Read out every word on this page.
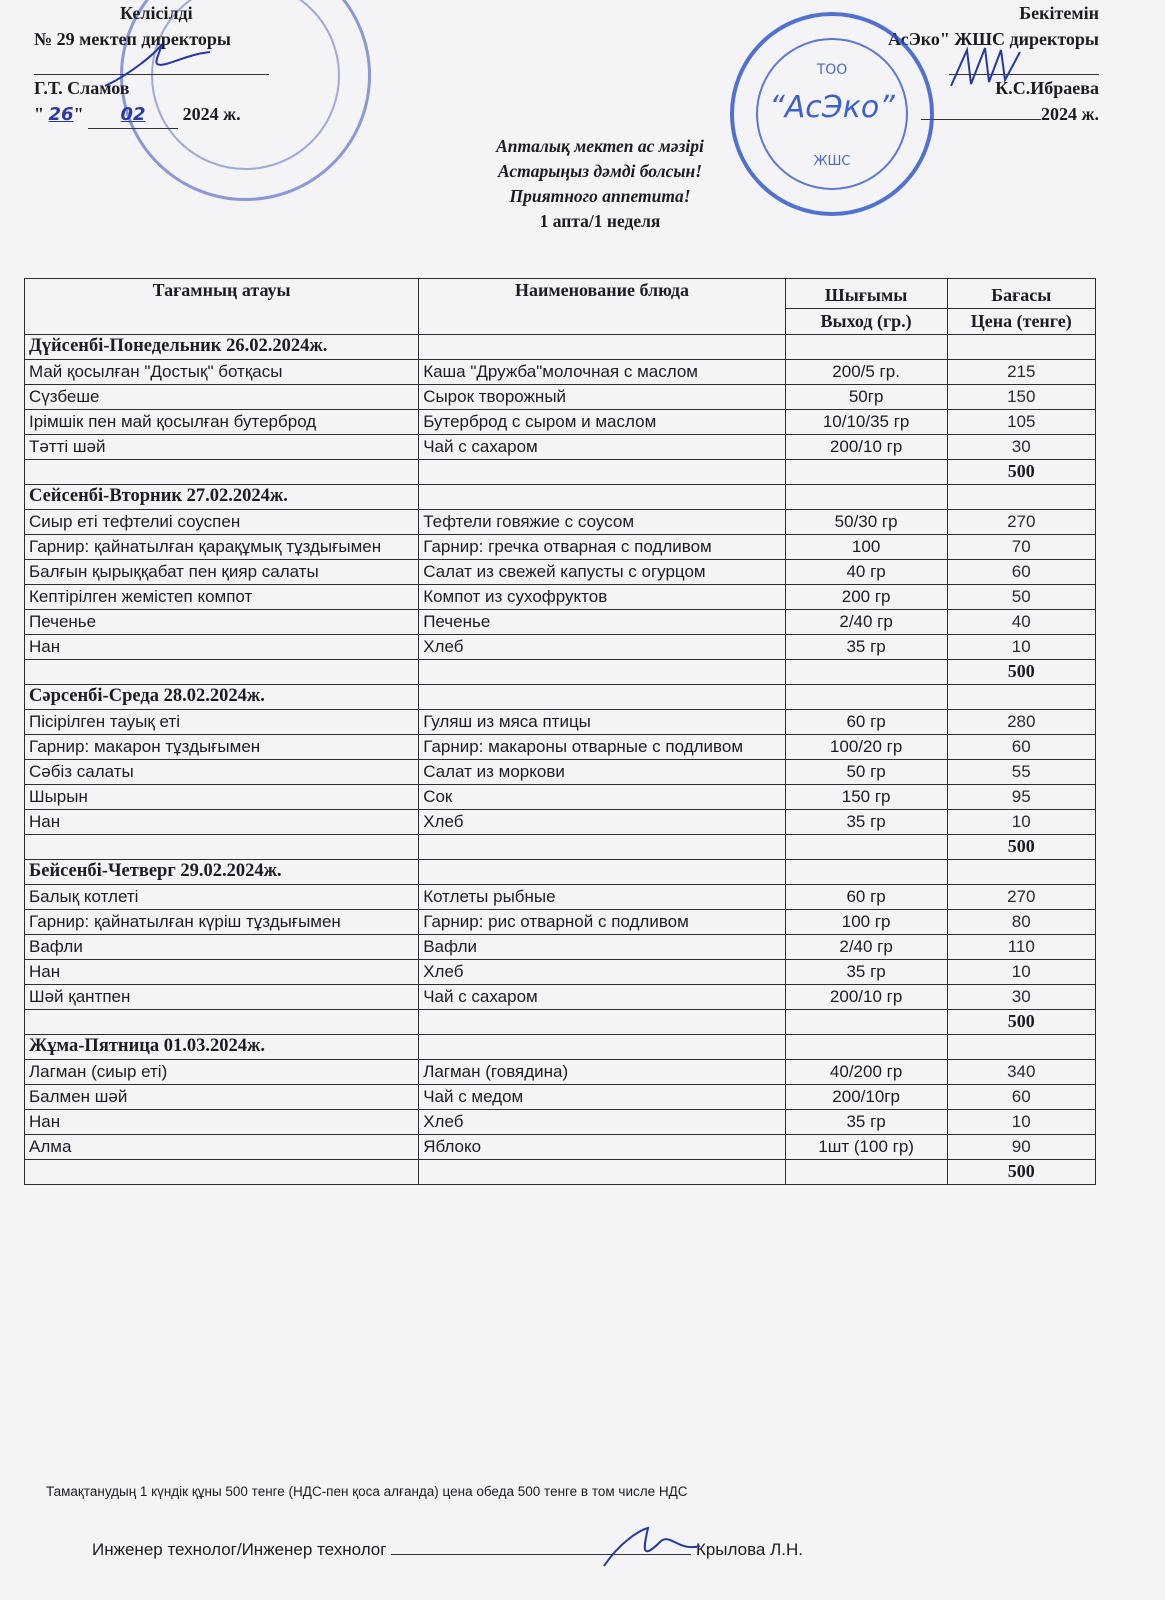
Келісілді
№ 29 мектеп директоры
Г.Т. Сламов
" 26" 02 2024 ж.
Бекітемін
АсЭко" ЖШС директоры
К.С.Ибраева
2024 ж.
ТОО
“АсЭко”
ЖШС
Апталық мектеп ас мәзірі
Астарыңыз дәмді болсын!
Приятного аппетита!
1 апта/1 неделя
Тағамның атауы	Наименование блюда	Шығымы	Бағасы
		Выход (гр.)	Цена (тенге)
Дүйсенбі-Понедельник 26.02.2024ж.			
Май қосылған "Достық" ботқасы	Каша "Дружба"молочная с маслом	200/5 гр.	215
Сүзбеше	Сырок творожный	50гр	150
Ірімшік пен май қосылған бутерброд	Бутерброд с сыром и маслом	10/10/35 гр	105
Тәтті шәй	Чай с сахаром	200/10 гр	30
			500
Сейсенбі-Вторник 27.02.2024ж.			
Сиыр еті тефтелиі соуспен	Тефтели говяжие с соусом	50/30 гр	270
Гарнир: қайнатылған қарақұмық тұздығымен	Гарнир: гречка отварная с подливом	100	70
Балғын қырыққабат пен қияр салаты	Салат из свежей капусты с огурцом	40 гр	60
Кептірілген жемістеп компот	Компот из сухофруктов	200 гр	50
Печенье	Печенье	2/40 гр	40
Нан	Хлеб	35 гр	10
			500
Сәрсенбі-Среда 28.02.2024ж.			
Пісірілген тауық еті	Гуляш из мяса птицы	60 гр	280
Гарнир: макарон тұздығымен	Гарнир: макароны отварные с подливом	100/20 гр	60
Сәбіз салаты	Салат из моркови	50 гр	55
Шырын	Сок	150 гр	95
Нан	Хлеб	35 гр	10
			500
Бейсенбі-Четверг 29.02.2024ж.			
Балық котлеті	Котлеты рыбные	60 гр	270
Гарнир: қайнатылған күріш тұздығымен	Гарнир: рис отварной с подливом	100 гр	80
Вафли	Вафли	2/40 гр	110
Нан	Хлеб	35 гр	10
Шәй қантпен	Чай с сахаром	200/10 гр	30
			500
Жұма-Пятница 01.03.2024ж.			
Лагман (сиыр еті)	Лагман (говядина)	40/200 гр	340
Балмен шәй	Чай с медом	200/10гр	60
Нан	Хлеб	35 гр	10
Алма	Яблоко	1шт (100 гр)	90
			500
Тамақтанудың 1 күндік құны 500 тенге (НДС-пен қоса алғанда) цена обеда 500 тенге в том числе НДС
Инженер технолог/Инженер технолог	Крылова Л.Н.
